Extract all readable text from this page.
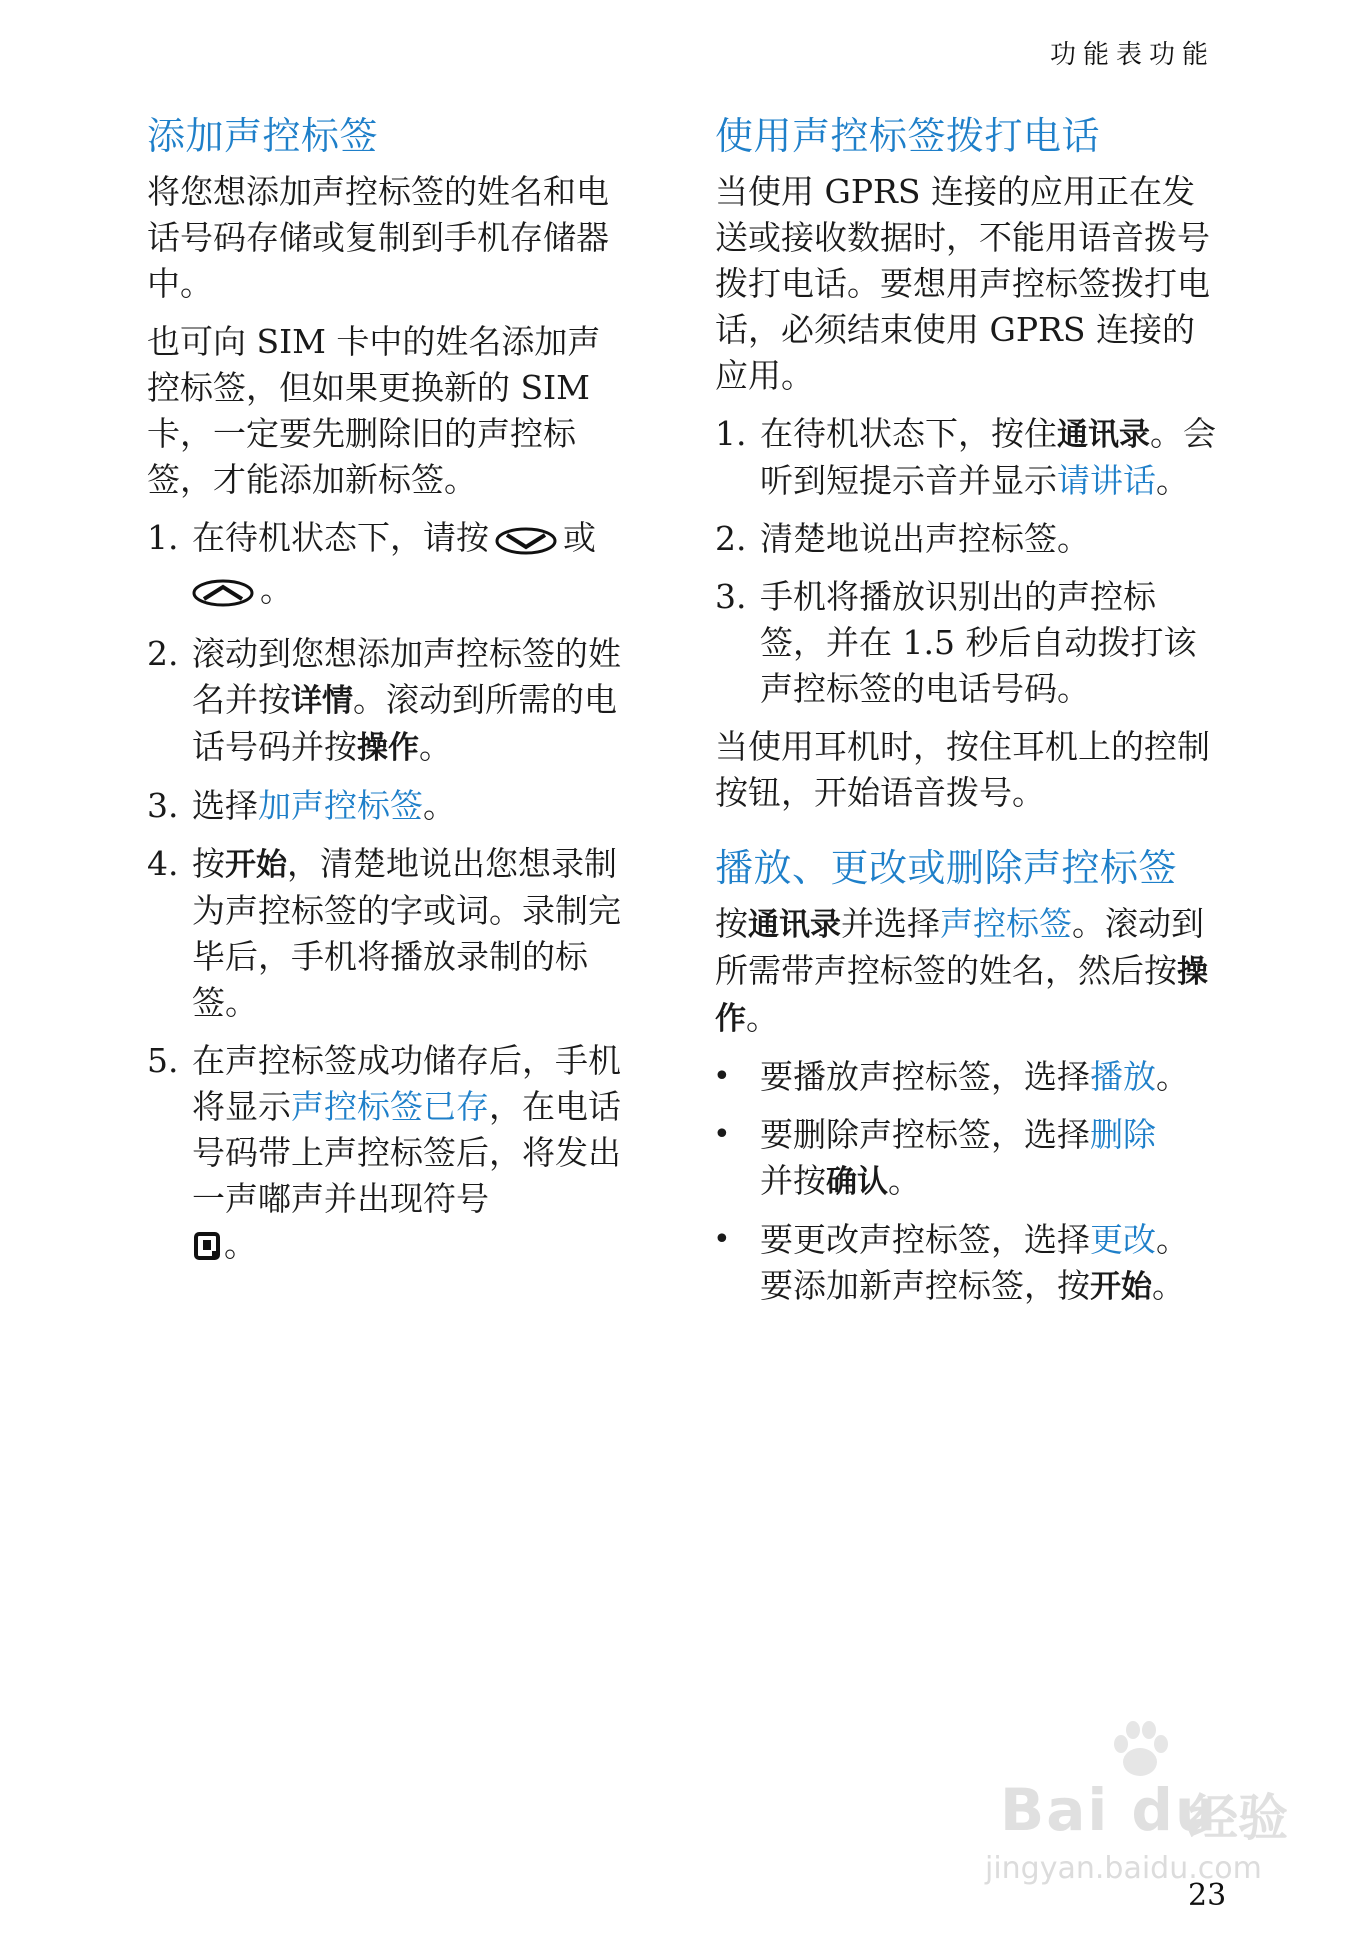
功能表功能
添加声控标签

将您想添加声控标签的姓名和电话号码存储或复制到手机存储器中。

也可向 SIM 卡中的姓名添加声控标签，但如果更换新的 SIM 卡，一定要先删除旧的声控标签，才能添加新标签。

1. 在待机状态下，请按 或
。
2. 滚动到您想添加声控标签的姓名并按详情。滚动到所需的电话号码并按操作。
3. 选择加声控标签。
4. 按开始，清楚地说出您想录制为声控标签的字或词。录制完毕后，手机将播放录制的标签。
5. 在声控标签成功储存后，手机将显示声控标签已存，在电话号码带上声控标签后，将发出一声嘟声并出现符号
。
使用声控标签拨打电话

当使用 GPRS 连接的应用正在发送或接收数据时，不能用语音拨号拨打电话。要想用声控标签拨打电话，必须结束使用 GPRS 连接的应用。

1. 在待机状态下，按住通讯录。会听到短提示音并显示请讲话。
2. 清楚地说出声控标签。
3. 手机将播放识别出的声控标签，并在 1.5 秒后自动拨打该声控标签的电话号码。

当使用耳机时，按住耳机上的控制按钮，开始语音拨号。

播放、更改或删除声控标签

按通讯录并选择声控标签。滚动到所需带声控标签的姓名，然后按操作。

• 要播放声控标签，选择播放。
• 要删除声控标签，选择删除
并按确认。
• 要更改声控标签，选择更改。要添加新声控标签，按开始。
Bai du
经验
jingyan.baidu.com
23
